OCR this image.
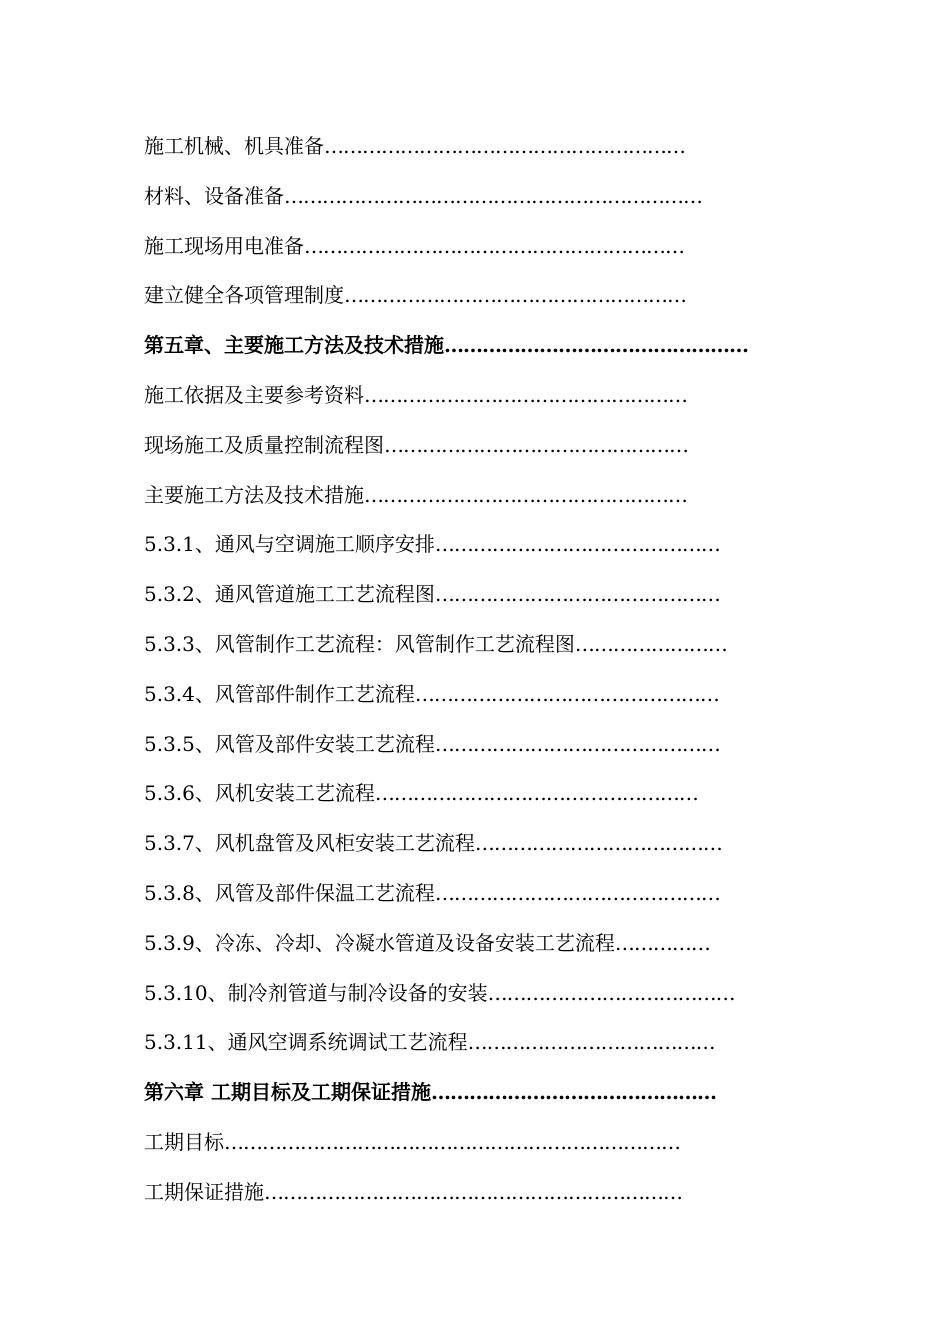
施工机械、机具准备…………………………………………………
材料、设备准备…………………………………………………………
施工现场用电准备……………………………………………………
建立健全各项管理制度………………………………………………
第五章、主要施工方法及技术措施…………………………………………
施工依据及主要参考资料……………………………………………
现场施工及质量控制流程图…………………………………………
主要施工方法及技术措施……………………………………………
5.3.1、通风与空调施工顺序安排………………………………………
5.3.2、通风管道施工工艺流程图………………………………………
5.3.3、风管制作工艺流程：风管制作工艺流程图……………………
5.3.4、风管部件制作工艺流程…………………………………………
5.3.5、风管及部件安装工艺流程………………………………………
5.3.6、风机安装工艺流程……………………………………………
5.3.7、风机盘管及风柜安装工艺流程…………………………………
5.3.8、风管及部件保温工艺流程………………………………………
5.3.9、冷冻、冷却、冷凝水管道及设备安装工艺流程……………
5.3.10、制冷剂管道与制冷设备的安装…………………………………
5.3.11、通风空调系统调试工艺流程…………………………………
第六章 工期目标及工期保证措施………………………………………
工期目标………………………………………………………………
工期保证措施…………………………………………………………
